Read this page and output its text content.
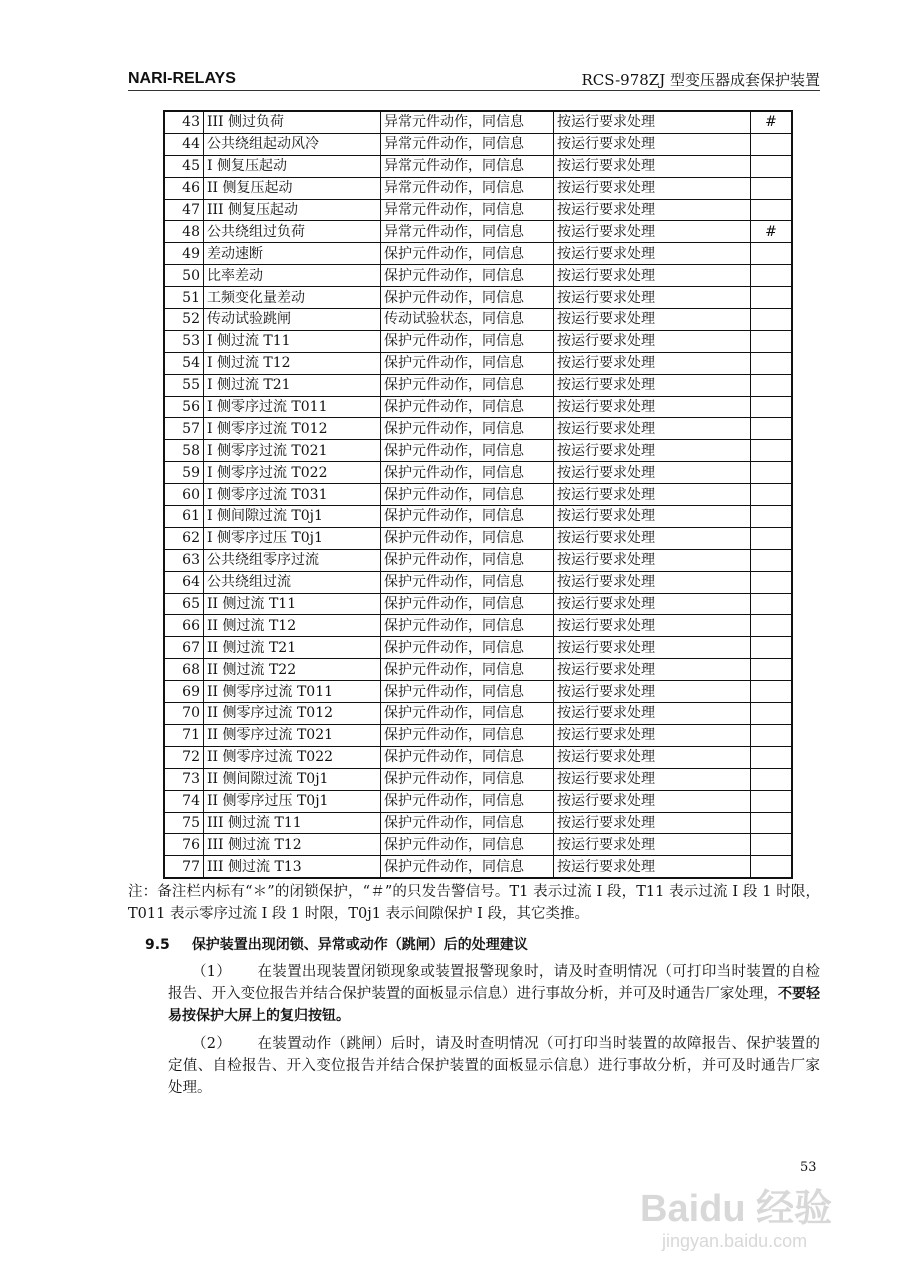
NARI-RELAYS	RCS-978ZJ 型变压器成套保护装置
43	III 侧过负荷	异常元件动作，同信息	按运行要求处理	#
44	公共绕组起动风冷	异常元件动作，同信息	按运行要求处理	
45	I 侧复压起动	异常元件动作，同信息	按运行要求处理	
46	II 侧复压起动	异常元件动作，同信息	按运行要求处理	
47	III 侧复压起动	异常元件动作，同信息	按运行要求处理	
48	公共绕组过负荷	异常元件动作，同信息	按运行要求处理	#
49	差动速断	保护元件动作，同信息	按运行要求处理	
50	比率差动	保护元件动作，同信息	按运行要求处理	
51	工频变化量差动	保护元件动作，同信息	按运行要求处理	
52	传动试验跳闸	传动试验状态，同信息	按运行要求处理	
53	I 侧过流 T11	保护元件动作，同信息	按运行要求处理	
54	I 侧过流 T12	保护元件动作，同信息	按运行要求处理	
55	I 侧过流 T21	保护元件动作，同信息	按运行要求处理	
56	I 侧零序过流 T011	保护元件动作，同信息	按运行要求处理	
57	I 侧零序过流 T012	保护元件动作，同信息	按运行要求处理	
58	I 侧零序过流 T021	保护元件动作，同信息	按运行要求处理	
59	I 侧零序过流 T022	保护元件动作，同信息	按运行要求处理	
60	I 侧零序过流 T031	保护元件动作，同信息	按运行要求处理	
61	I 侧间隙过流 T0j1	保护元件动作，同信息	按运行要求处理	
62	I 侧零序过压 T0j1	保护元件动作，同信息	按运行要求处理	
63	公共绕组零序过流	保护元件动作，同信息	按运行要求处理	
64	公共绕组过流	保护元件动作，同信息	按运行要求处理	
65	II 侧过流 T11	保护元件动作，同信息	按运行要求处理	
66	II 侧过流 T12	保护元件动作，同信息	按运行要求处理	
67	II 侧过流 T21	保护元件动作，同信息	按运行要求处理	
68	II 侧过流 T22	保护元件动作，同信息	按运行要求处理	
69	II 侧零序过流 T011	保护元件动作，同信息	按运行要求处理	
70	II 侧零序过流 T012	保护元件动作，同信息	按运行要求处理	
71	II 侧零序过流 T021	保护元件动作，同信息	按运行要求处理	
72	II 侧零序过流 T022	保护元件动作，同信息	按运行要求处理	
73	II 侧间隙过流 T0j1	保护元件动作，同信息	按运行要求处理	
74	II 侧零序过压 T0j1	保护元件动作，同信息	按运行要求处理	
75	III 侧过流 T11	保护元件动作，同信息	按运行要求处理	
76	III 侧过流 T12	保护元件动作，同信息	按运行要求处理	
77	III 侧过流 T13	保护元件动作，同信息	按运行要求处理	
注：备注栏内标有“＊”的闭锁保护，“＃”的只发告警信号。T1 表示过流 I 段，T11 表示过流 I 段 1 时限，T011 表示零序过流 I 段 1 时限，T0j1 表示间隙保护 I 段，其它类推。
9.5 保护装置出现闭锁、异常或动作（跳闸）后的处理建议
（1） 在装置出现装置闭锁现象或装置报警现象时，请及时查明情况（可打印当时装置的自检报告、开入变位报告并结合保护装置的面板显示信息）进行事故分析，并可及时通告厂家处理，不要轻易按保护大屏上的复归按钮。
（2） 在装置动作（跳闸）后时，请及时查明情况（可打印当时装置的故障报告、保护装置的定值、自检报告、开入变位报告并结合保护装置的面板显示信息）进行事故分析，并可及时通告厂家处理。
53
Baidu 经验
jingyan.baidu.com
